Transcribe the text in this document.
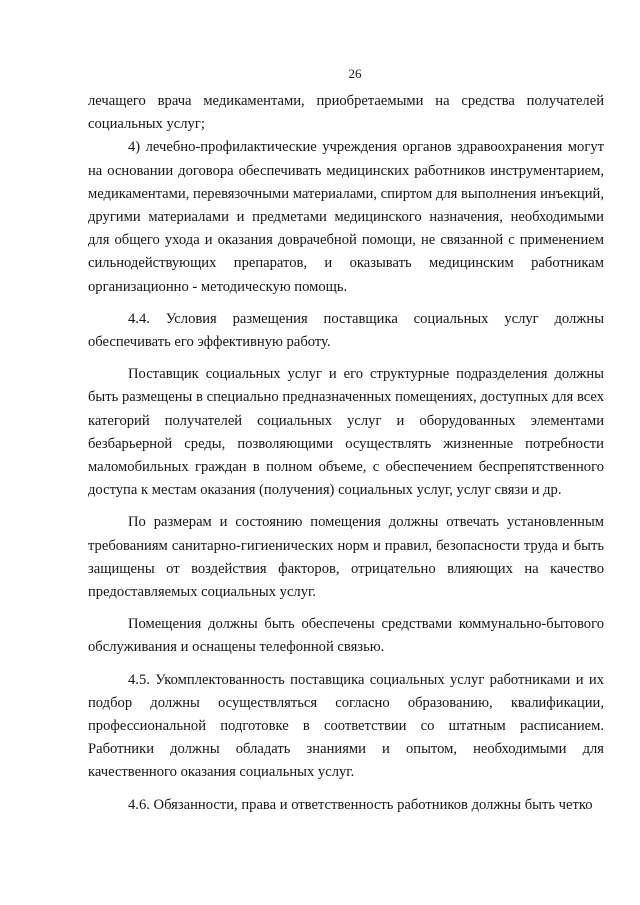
26

лечащего врача медикаментами, приобретаемыми на средства получателей социальных услуг;

4) лечебно-профилактические учреждения органов здравоохранения могут на основании договора обеспечивать медицинских работников инструментарием, медикаментами, перевязочными материалами, спиртом для выполнения инъекций, другими материалами и предметами медицинского назначения, необходимыми для общего ухода и оказания доврачебной помощи, не связанной с применением сильнодействующих препаратов, и оказывать медицинским работникам организационно - методическую помощь.

4.4. Условия размещения поставщика социальных услуг должны обеспечивать его эффективную работу.

Поставщик социальных услуг и его структурные подразделения должны быть размещены в специально предназначенных помещениях, доступных для всех категорий получателей социальных услуг и оборудованных элементами безбарьерной среды, позволяющими осуществлять жизненные потребности маломобильных граждан в полном объеме, с обеспечением беспрепятственного доступа к местам оказания (получения) социальных услуг, услуг связи и др.

По размерам и состоянию помещения должны отвечать установленным требованиям санитарно-гигиенических норм и правил, безопасности труда и быть защищены от воздействия факторов, отрицательно влияющих на качество предоставляемых социальных услуг.

Помещения должны быть обеспечены средствами коммунально-бытового обслуживания и оснащены телефонной связью.

4.5. Укомплектованность поставщика социальных услуг работниками и их подбор должны осуществляться согласно образованию, квалификации, профессиональной подготовке в соответствии со штатным расписанием. Работники должны обладать знаниями и опытом, необходимыми для качественного оказания социальных услуг.

4.6. Обязанности, права и ответственность работников должны быть четко
